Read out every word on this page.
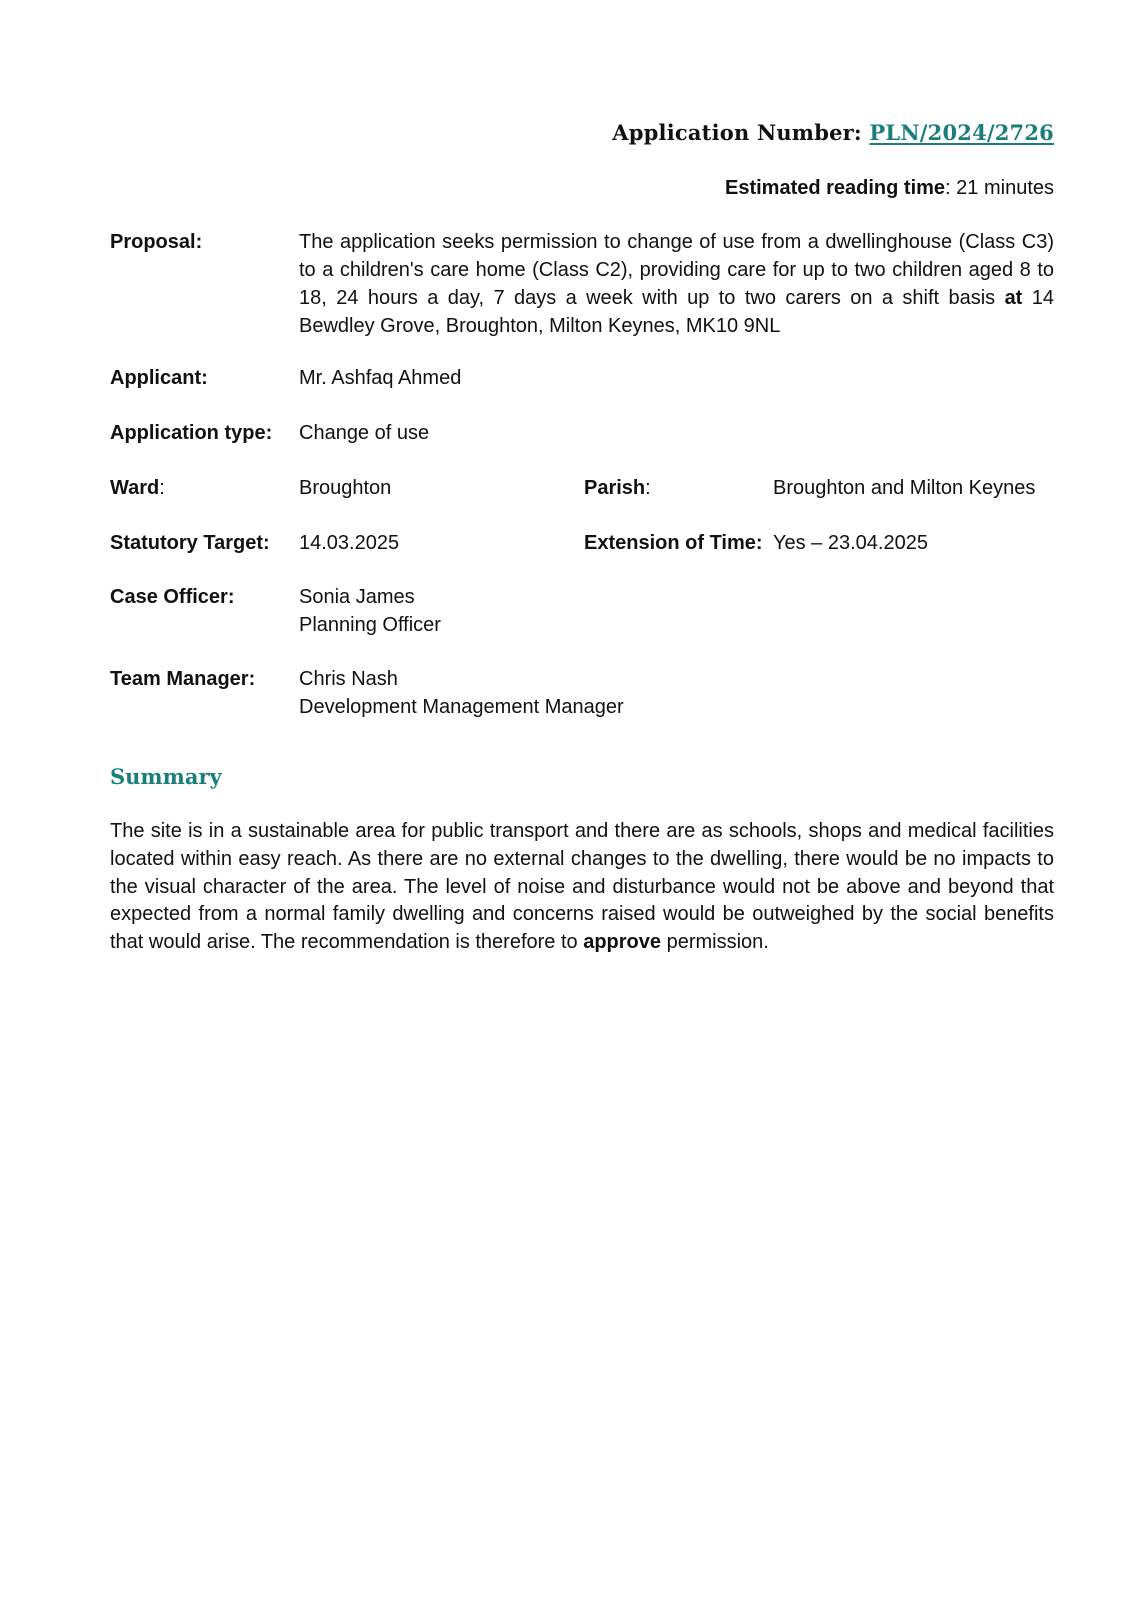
Application Number: PLN/2024/2726
Estimated reading time: 21 minutes
Proposal:	The application seeks permission to change of use from a dwellinghouse (Class C3) to a children's care home (Class C2), providing care for up to two children aged 8 to 18, 24 hours a day, 7 days a week with up to two carers on a shift basis at 14 Bewdley Grove, Broughton, Milton Keynes, MK10 9NL
Applicant:	Mr. Ashfaq Ahmed
Application type: Change of use
Ward:	Broughton	Parish:	Broughton and Milton Keynes
Statutory Target: 14.03.2025	Extension of Time: Yes – 23.04.2025
Case Officer:	Sonia James
Planning Officer
Team Manager: Chris Nash
Development Management Manager
Summary
The site is in a sustainable area for public transport and there are as schools, shops and medical facilities located within easy reach. As there are no external changes to the dwelling, there would be no impacts to the visual character of the area. The level of noise and disturbance would not be above and beyond that expected from a normal family dwelling and concerns raised would be outweighed by the social benefits that would arise. The recommendation is therefore to approve permission.
